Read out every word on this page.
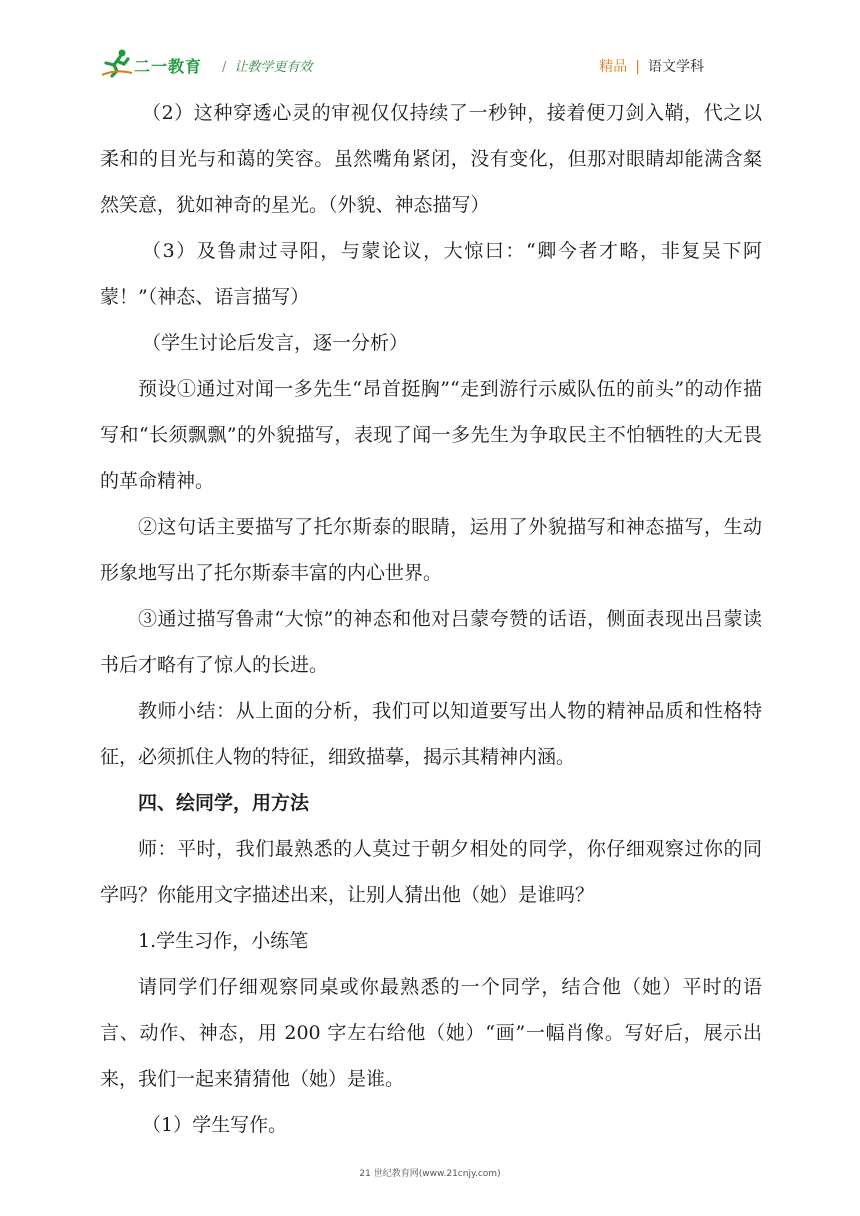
二一教育 / 让教学更有效	精品 | 语文学科

（2）这种穿透心灵的审视仅仅持续了一秒钟，接着便刀剑入鞘，代之以柔和的目光与和蔼的笑容。虽然嘴角紧闭，没有变化，但那对眼睛却能满含粲然笑意，犹如神奇的星光。（外貌、神态描写）

（3）及鲁肃过寻阳，与蒙论议，大惊曰：“卿今者才略，非复吴下阿蒙！”（神态、语言描写）

（学生讨论后发言，逐一分析）

预设①通过对闻一多先生“昂首挺胸”“走到游行示威队伍的前头”的动作描写和“长须飘飘”的外貌描写，表现了闻一多先生为争取民主不怕牺牲的大无畏的革命精神。

②这句话主要描写了托尔斯泰的眼睛，运用了外貌描写和神态描写，生动形象地写出了托尔斯泰丰富的内心世界。

③通过描写鲁肃“大惊”的神态和他对吕蒙夸赞的话语，侧面表现出吕蒙读书后才略有了惊人的长进。

教师小结：从上面的分析，我们可以知道要写出人物的精神品质和性格特征，必须抓住人物的特征，细致描摹，揭示其精神内涵。

四、绘同学，用方法

师：平时，我们最熟悉的人莫过于朝夕相处的同学，你仔细观察过你的同学吗？你能用文字描述出来，让别人猜出他（她）是谁吗？

1.学生习作，小练笔

请同学们仔细观察同桌或你最熟悉的一个同学，结合他（她）平时的语言、动作、神态，用 200 字左右给他（她）“画”一幅肖像。写好后，展示出来，我们一起来猜猜他（她）是谁。

（1）学生写作。

21 世纪教育网(www.21cnjy.com)
